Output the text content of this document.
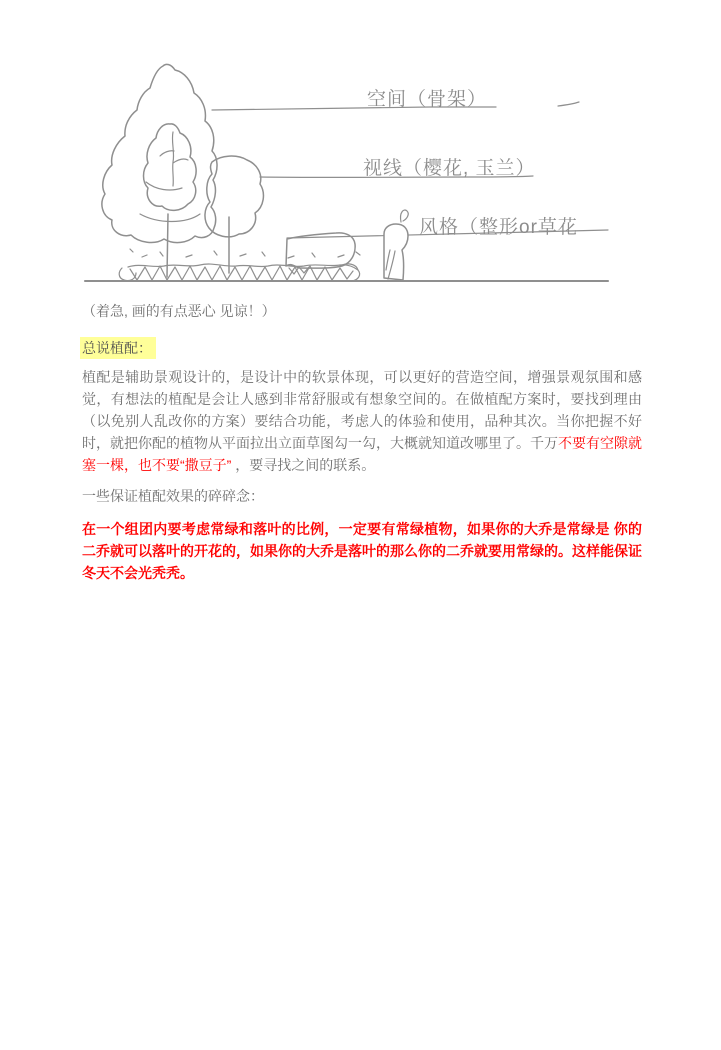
空间（骨架）
视线（樱花, 玉兰）
风格（整形or草花
（着急, 画的有点恶心 见谅！）
总说植配：

植配是辅助景观设计的，是设计中的软景体现，可以更好的营造空间，增强景观氛围和感觉，有想法的植配是会让人感到非常舒服或有想象空间的。在做植配方案时，要找到理由（以免别人乱改你的方案）要结合功能，考虑人的体验和使用，品种其次。当你把握不好时，就把你配的植物从平面拉出立面草图勾一勾，大概就知道改哪里了。千万不要有空隙就塞一棵，也不要“撒豆子” ，要寻找之间的联系。

一些保证植配效果的碎碎念：

在一个组团内要考虑常绿和落叶的比例，一定要有常绿植物，如果你的大乔是常绿是 你的二乔就可以落叶的开花的，如果你的大乔是落叶的那么你的二乔就要用常绿的。这样能保证冬天不会光秃秃。
